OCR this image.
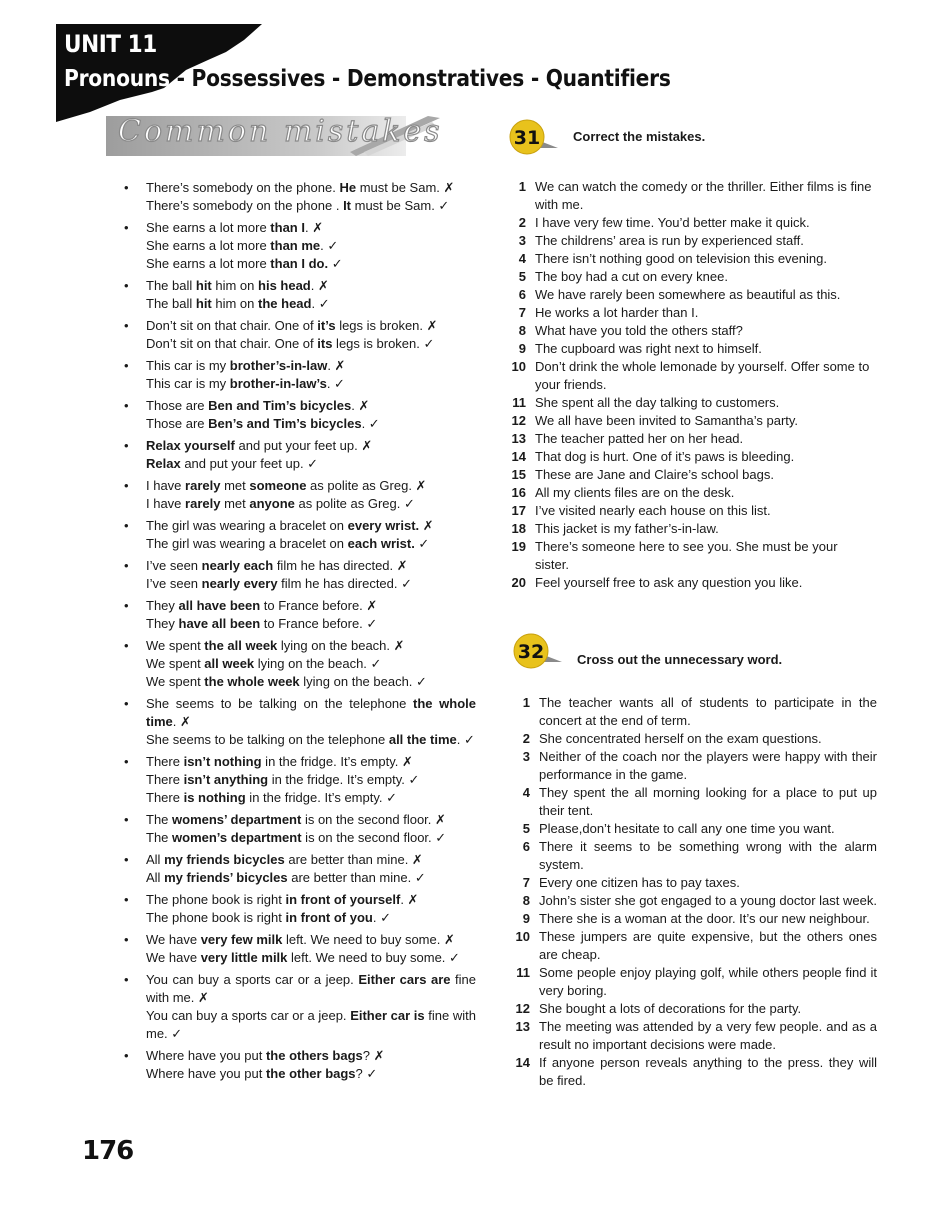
UNIT 11
Pronouns - Possessives - Demonstratives - Quantifiers
Common mistakes
• There’s somebody on the phone. He must be Sam. ✗
There’s somebody on the phone . It must be Sam. ✓
• She earns a lot more than I. ✗
She earns a lot more than me. ✓
She earns a lot more than I do. ✓
• The ball hit him on his head. ✗
The ball hit him on the head. ✓
• Don’t sit on that chair. One of it’s legs is broken. ✗
Don’t sit on that chair. One of its legs is broken. ✓
• This car is my brother’s-in-law. ✗
This car is my brother-in-law’s. ✓
• Those are Ben and Tim’s bicycles. ✗
Those are Ben’s and Tim’s bicycles. ✓
• Relax yourself and put your feet up. ✗
Relax and put your feet up. ✓
• I have rarely met someone as polite as Greg. ✗
I have rarely met anyone as polite as Greg. ✓
• The girl was wearing a bracelet on every wrist. ✗
The girl was wearing a bracelet on each wrist. ✓
• I’ve seen nearly each film he has directed. ✗
I’ve seen nearly every film he has directed. ✓
• They all have been to France before. ✗
They have all been to France before. ✓
• We spent the all week lying on the beach. ✗
We spent all week lying on the beach. ✓
We spent the whole week lying on the beach. ✓
• She seems to be talking on the telephone the whole time. ✗
She seems to be talking on the telephone all the time. ✓
• There isn’t nothing in the fridge. It’s empty. ✗
There isn’t anything in the fridge. It’s empty. ✓
There is nothing in the fridge. It’s empty. ✓
• The womens’ department is on the second floor. ✗
The women’s department is on the second floor. ✓
• All my friends bicycles are better than mine. ✗
All my friends’ bicycles are better than mine. ✓
• The phone book is right in front of yourself. ✗
The phone book is right in front of you. ✓
• We have very few milk left. We need to buy some. ✗
We have very little milk left. We need to buy some. ✓
• You can buy a sports car or a jeep. Either cars are fine with me. ✗
You can buy a sports car or a jeep. Either car is fine with me. ✓
• Where have you put the others bags? ✗
Where have you put the other bags? ✓
31	Correct the mistakes.
1 We can watch the comedy or the thriller. Either films is fine with me.
2 I have very few time. You’d better make it quick.
3 The childrens’ area is run by experienced staff.
4 There isn’t nothing good on television this evening.
5 The boy had a cut on every knee.
6 We have rarely been somewhere as beautiful as this.
7 He works a lot harder than I.
8 What have you told the others staff?
9 The cupboard was right next to himself.
10 Don’t drink the whole lemonade by yourself. Offer some to your friends.
11 She spent all the day talking to customers.
12 We all have been invited to Samantha’s party.
13 The teacher patted her on her head.
14 That dog is hurt. One of it’s paws is bleeding.
15 These are Jane and Claire’s school bags.
16 All my clients files are on the desk.
17 I’ve visited nearly each house on this list.
18 This jacket is my father’s-in-law.
19 There’s someone here to see you. She must be your sister.
20 Feel yourself free to ask any question you like.
32	Cross out the unnecessary word.
1 The teacher wants all of students to participate in the concert at the end of term.
2 She concentrated herself on the exam questions.
3 Neither of the coach nor the players were happy with their performance in the game.
4 They spent the all morning looking for a place to put up their tent.
5 Please,don’t hesitate to call any one time you want.
6 There it seems to be something wrong with the alarm system.
7 Every one citizen has to pay taxes.
8 John’s sister she got engaged to a young doctor last week.
9 There she is a woman at the door. It’s our new neighbour.
10 These jumpers are quite expensive, but the others ones are cheap.
11 Some people enjoy playing golf, while others people find it very boring.
12 She bought a lots of decorations for the party.
13 The meeting was attended by a very few people. and as a result no important decisions were made.
14 If anyone person reveals anything to the press. they will be fired.
176
